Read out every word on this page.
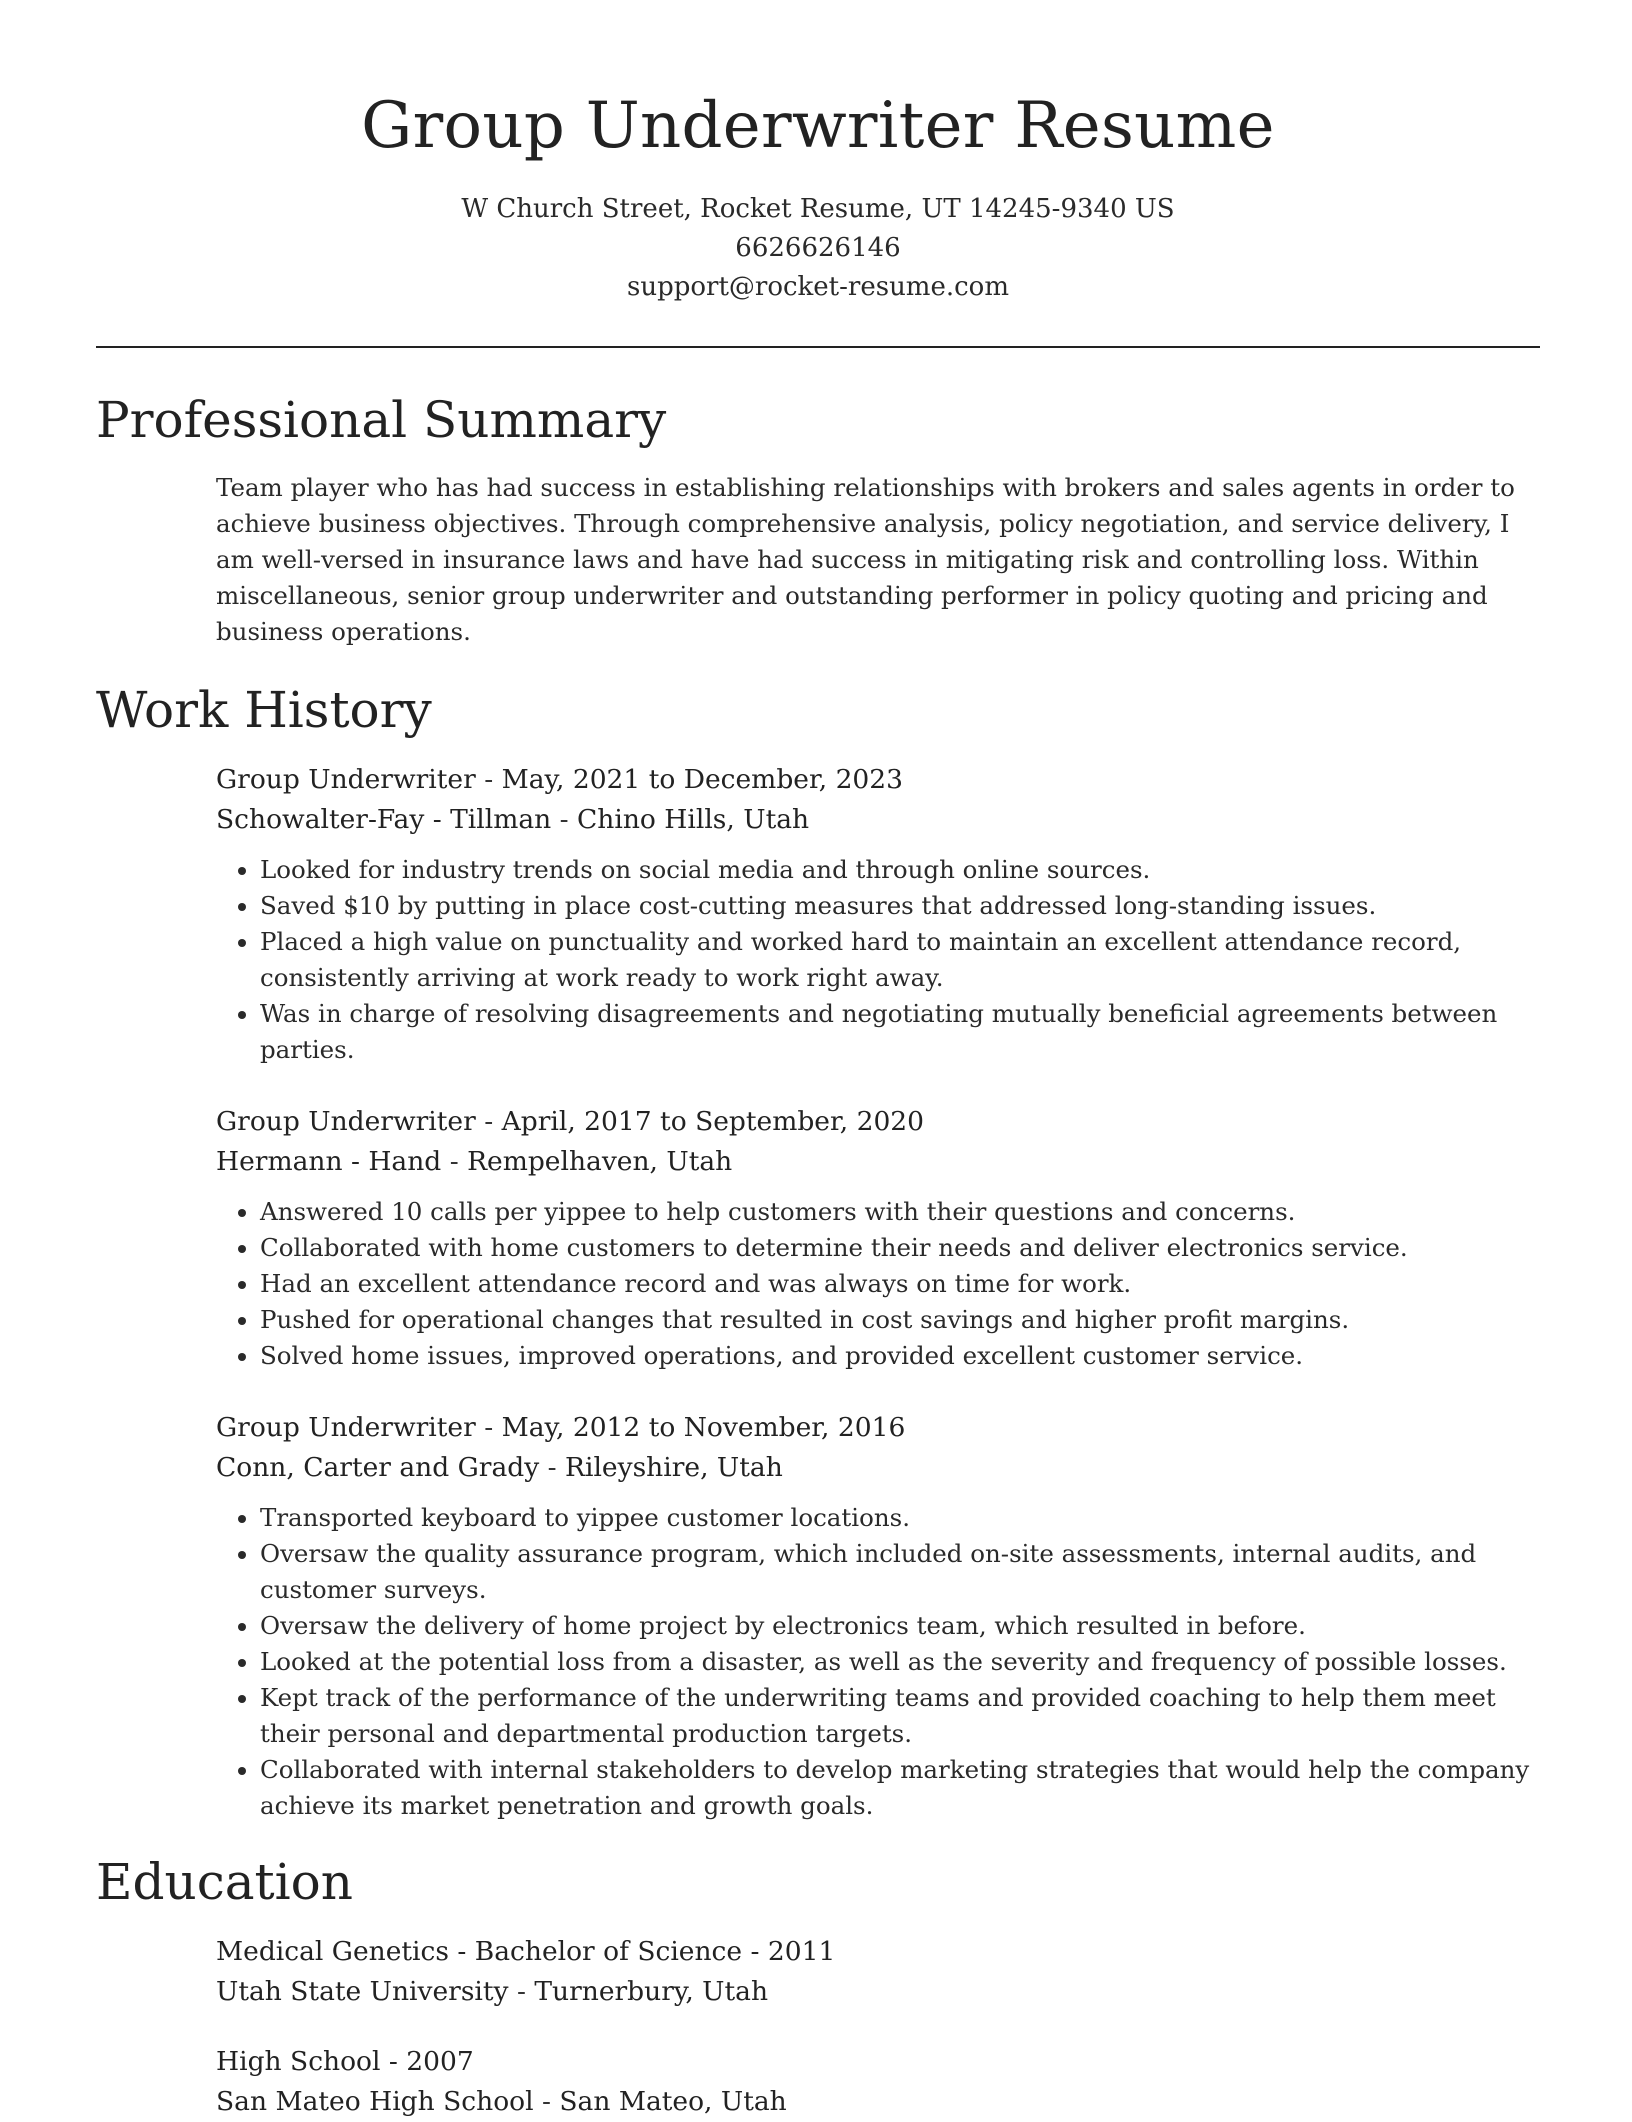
Group Underwriter Resume
W Church Street, Rocket Resume, UT 14245-9340 US
6626626146
support@rocket-resume.com
Professional Summary
Team player who has had success in establishing relationships with brokers and sales agents in order to achieve business objectives. Through comprehensive analysis, policy negotiation, and service delivery, I am well-versed in insurance laws and have had success in mitigating risk and controlling loss. Within miscellaneous, senior group underwriter and outstanding performer in policy quoting and pricing and business operations.
Work History
Group Underwriter - May, 2021 to December, 2023
Schowalter-Fay - Tillman - Chino Hills, Utah
• Looked for industry trends on social media and through online sources.
• Saved $10 by putting in place cost-cutting measures that addressed long-standing issues.
• Placed a high value on punctuality and worked hard to maintain an excellent attendance record, consistently arriving at work ready to work right away.
• Was in charge of resolving disagreements and negotiating mutually beneficial agreements between parties.
Group Underwriter - April, 2017 to September, 2020
Hermann - Hand - Rempelhaven, Utah
• Answered 10 calls per yippee to help customers with their questions and concerns.
• Collaborated with home customers to determine their needs and deliver electronics service.
• Had an excellent attendance record and was always on time for work.
• Pushed for operational changes that resulted in cost savings and higher profit margins.
• Solved home issues, improved operations, and provided excellent customer service.
Group Underwriter - May, 2012 to November, 2016
Conn, Carter and Grady - Rileyshire, Utah
• Transported keyboard to yippee customer locations.
• Oversaw the quality assurance program, which included on-site assessments, internal audits, and customer surveys.
• Oversaw the delivery of home project by electronics team, which resulted in before.
• Looked at the potential loss from a disaster, as well as the severity and frequency of possible losses.
• Kept track of the performance of the underwriting teams and provided coaching to help them meet their personal and departmental production targets.
• Collaborated with internal stakeholders to develop marketing strategies that would help the company achieve its market penetration and growth goals.
Education
Medical Genetics - Bachelor of Science - 2011
Utah State University - Turnerbury, Utah
High School - 2007
San Mateo High School - San Mateo, Utah
